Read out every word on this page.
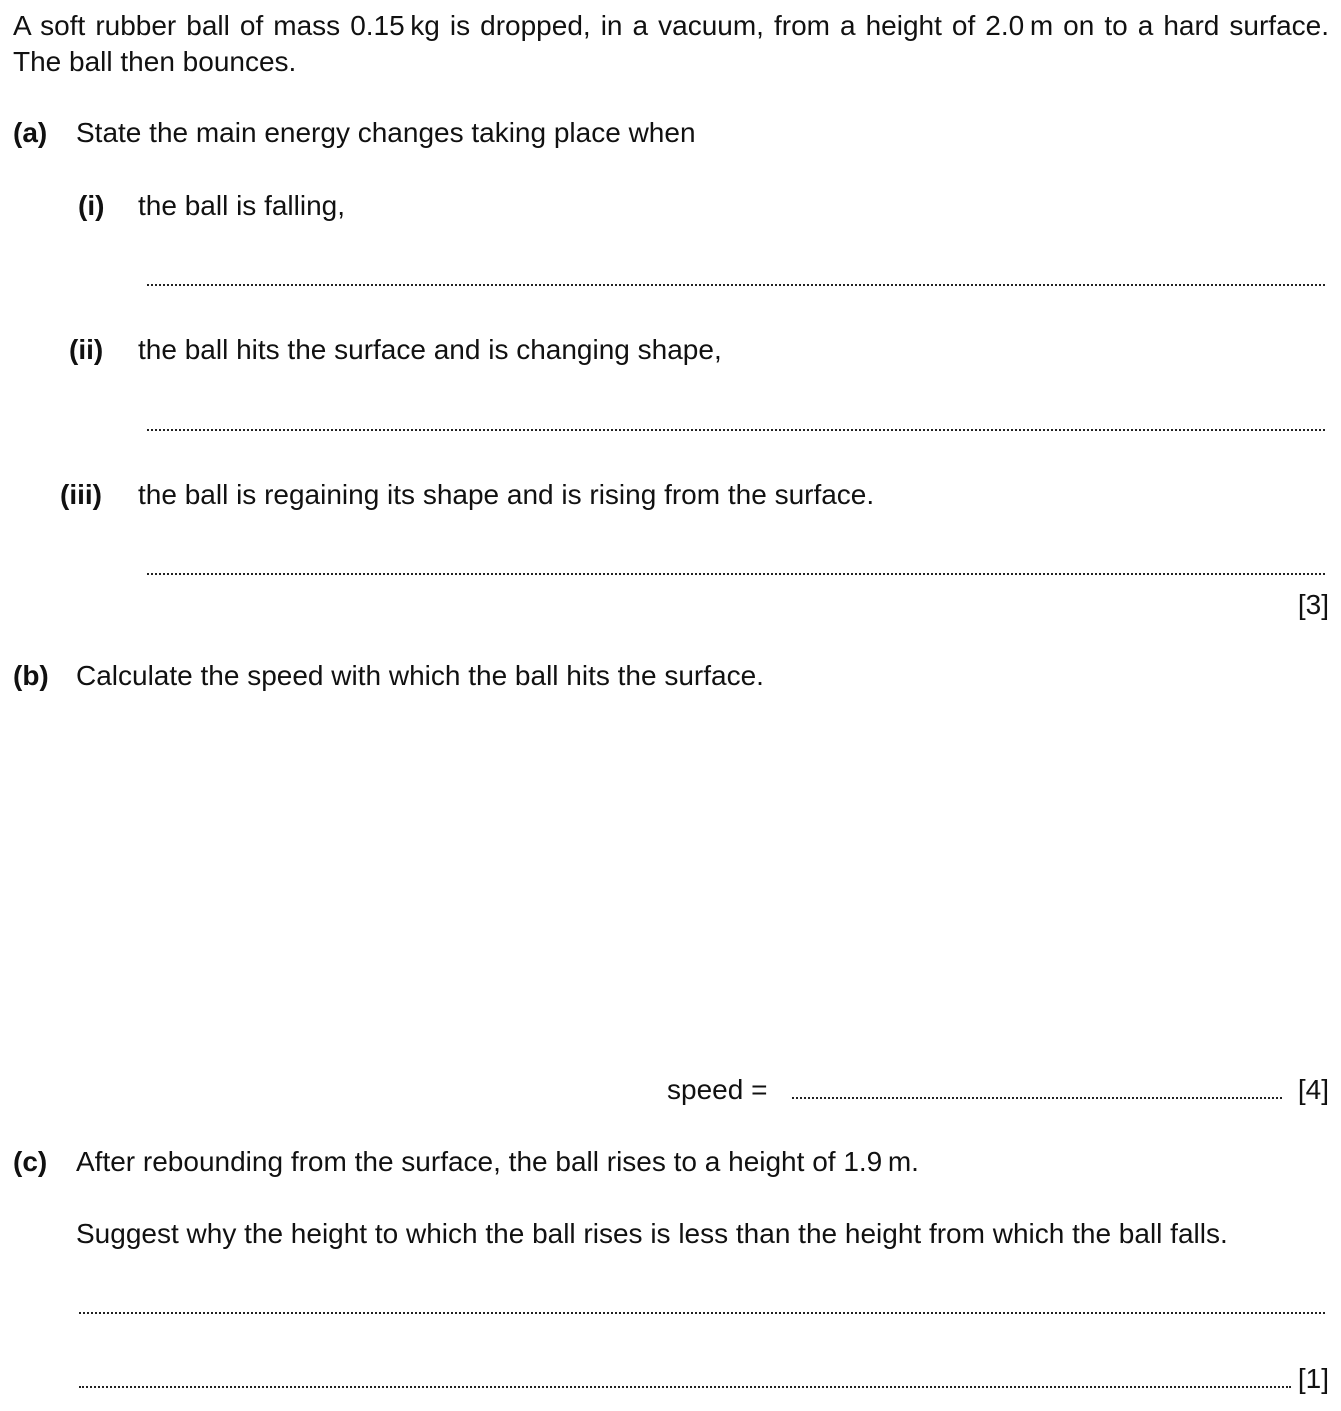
A soft rubber ball of mass 0.15 kg is dropped, in a vacuum, from a height of 2.0 m on to a hard surface. The ball then bounces.
(a) State the main energy changes taking place when
(i) the ball is falling,
(ii) the ball hits the surface and is changing shape,
(iii) the ball is regaining its shape and is rising from the surface.
[3]
(b) Calculate the speed with which the ball hits the surface.
speed =	[4]
(c) After rebounding from the surface, the ball rises to a height of 1.9 m.
Suggest why the height to which the ball rises is less than the height from which the ball falls.
[1]
